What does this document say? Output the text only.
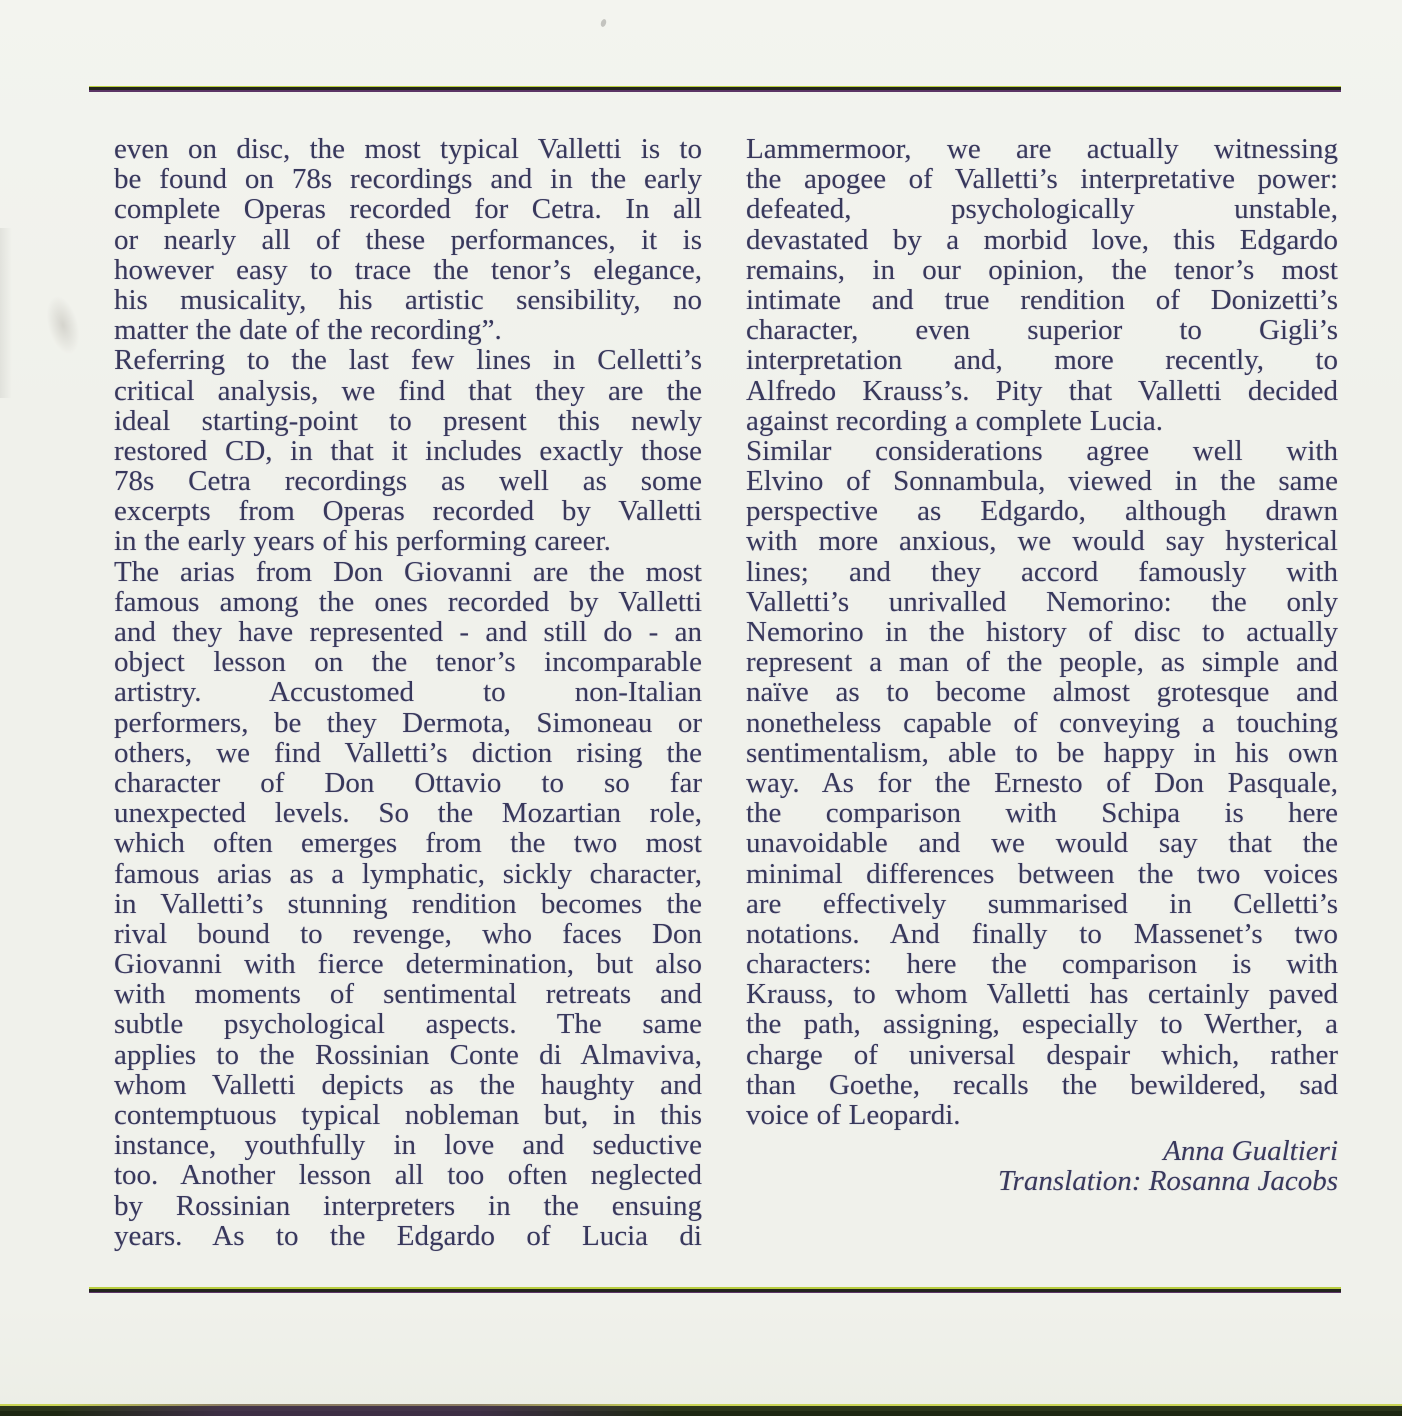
even on disc, the most typical Valletti is to
be found on 78s recordings and in the early
complete Operas recorded for Cetra. In all
or nearly all of these performances, it is
however easy to trace the tenor’s elegance,
his musicality, his artistic sensibility, no
matter the date of the recording”.
Referring to the last few lines in Celletti’s
critical analysis, we find that they are the
ideal starting-point to present this newly
restored CD, in that it includes exactly those
78s Cetra recordings as well as some
excerpts from Operas recorded by Valletti
in the early years of his performing career.
The arias from Don Giovanni are the most
famous among the ones recorded by Valletti
and they have represented - and still do - an
object lesson on the tenor’s incomparable
artistry. Accustomed to non-Italian
performers, be they Dermota, Simoneau or
others, we find Valletti’s diction rising the
character of Don Ottavio to so far
unexpected levels. So the Mozartian role,
which often emerges from the two most
famous arias as a lymphatic, sickly character,
in Valletti’s stunning rendition becomes the
rival bound to revenge, who faces Don
Giovanni with fierce determination, but also
with moments of sentimental retreats and
subtle psychological aspects. The same
applies to the Rossinian Conte di Almaviva,
whom Valletti depicts as the haughty and
contemptuous typical nobleman but, in this
instance, youthfully in love and seductive
too. Another lesson all too often neglected
by Rossinian interpreters in the ensuing
years. As to the Edgardo of Lucia di
Lammermoor, we are actually witnessing
the apogee of Valletti’s interpretative power:
defeated, psychologically unstable,
devastated by a morbid love, this Edgardo
remains, in our opinion, the tenor’s most
intimate and true rendition of Donizetti’s
character, even superior to Gigli’s
interpretation and, more recently, to
Alfredo Krauss’s. Pity that Valletti decided
against recording a complete Lucia.
Similar considerations agree well with
Elvino of Sonnambula, viewed in the same
perspective as Edgardo, although drawn
with more anxious, we would say hysterical
lines; and they accord famously with
Valletti’s unrivalled Nemorino: the only
Nemorino in the history of disc to actually
represent a man of the people, as simple and
naïve as to become almost grotesque and
nonetheless capable of conveying a touching
sentimentalism, able to be happy in his own
way. As for the Ernesto of Don Pasquale,
the comparison with Schipa is here
unavoidable and we would say that the
minimal differences between the two voices
are effectively summarised in Celletti’s
notations. And finally to Massenet’s two
characters: here the comparison is with
Krauss, to whom Valletti has certainly paved
the path, assigning, especially to Werther, a
charge of universal despair which, rather
than Goethe, recalls the bewildered, sad
voice of Leopardi.
Anna Gualtieri
Translation: Rosanna Jacobs
